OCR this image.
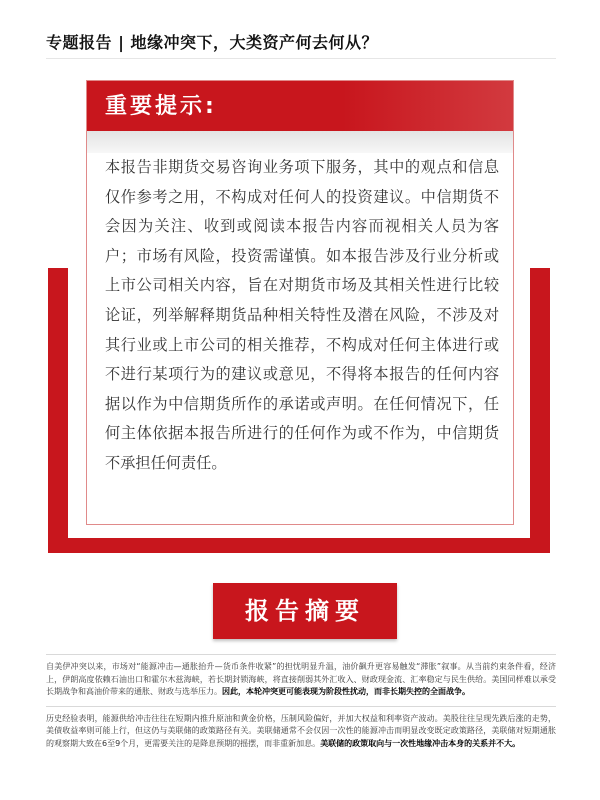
专题报告 | 地缘冲突下，大类资产何去何从？
重要提示:
本报告非期货交易咨询业务项下服务，其中的观点和信息仅作参考之用，不构成对任何人的投资建议。中信期货不会因为关注、收到或阅读本报告内容而视相关人员为客户；市场有风险，投资需谨慎。如本报告涉及行业分析或上市公司相关内容，旨在对期货市场及其相关性进行比较论证，列举解释期货品种相关特性及潜在风险，不涉及对其行业或上市公司的相关推荐，不构成对任何主体进行或不进行某项行为的建议或意见，不得将本报告的任何内容据以作为中信期货所作的承诺或声明。在任何情况下，任何主体依据本报告所进行的任何作为或不作为，中信期货不承担任何责任。
报告摘要

自美伊冲突以来，市场对“能源冲击—通胀抬升—货币条件收紧”的担忧明显升温，油价飙升更容易触发“滞胀”叙事。从当前约束条件看，经济上，伊朗高度依赖石油出口和霍尔木兹海峡，若长期封锁海峡，将直接削弱其外汇收入、财政现金流、汇率稳定与民生供给。美国同样难以承受长期战争和高油价带来的通胀、财政与选举压力。因此，本轮冲突更可能表现为阶段性扰动，而非长期失控的全面战争。

历史经验表明，能源供给冲击往往在短期内推升原油和黄金价格，压制风险偏好，并加大权益和利率资产波动。美股往往呈现先跌后涨的走势，美债收益率则可能上行，但这仍与美联储的政策路径有关。美联储通常不会仅因一次性的能源冲击而明显改变既定政策路径，美联储对短期通胀的观察期大致在6至9个月，更需要关注的是降息预期的摇摆，而非重新加息。美联储的政策取向与一次性地缘冲击本身的关系并不大。
